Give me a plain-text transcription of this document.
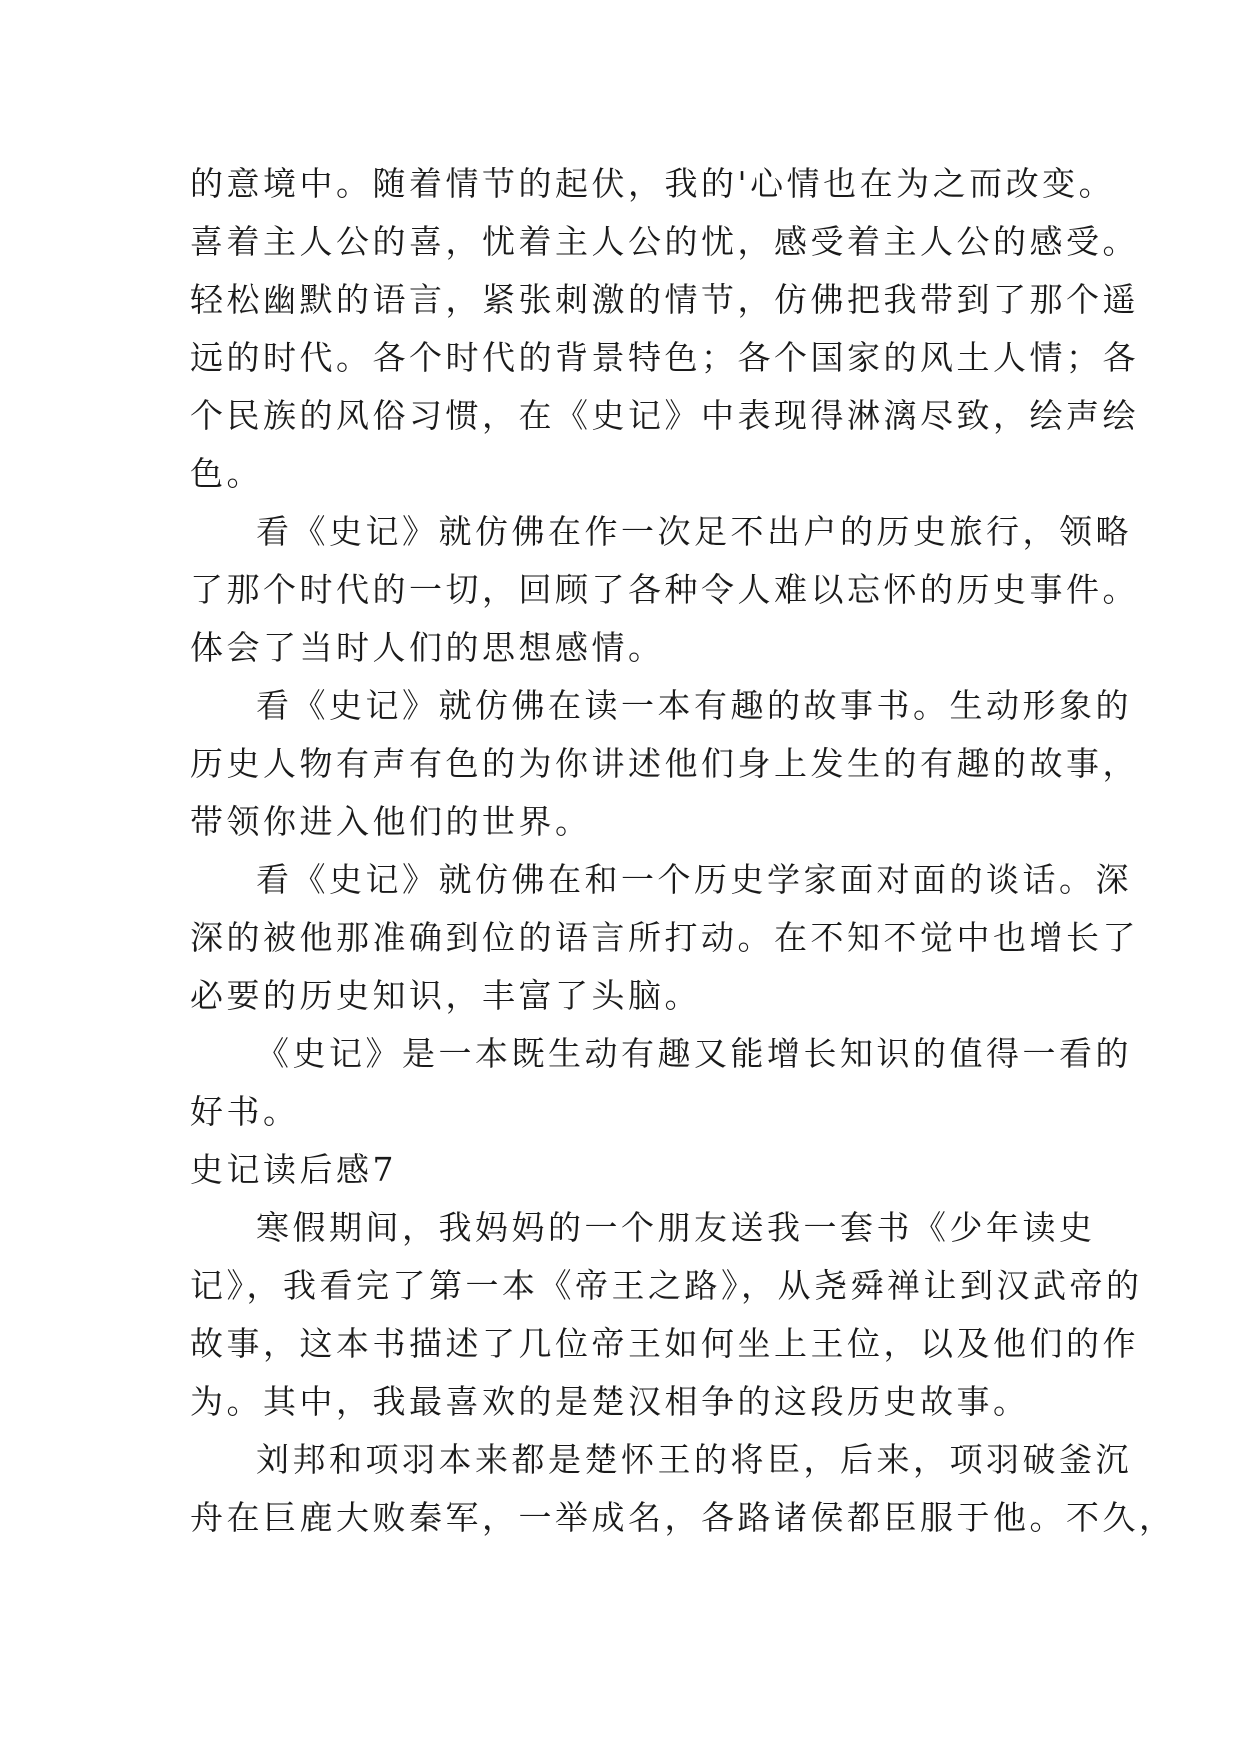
的意境中。随着情节的起伏，我的'心情也在为之而改变。
喜着主人公的喜，忧着主人公的忧，感受着主人公的感受。
轻松幽默的语言，紧张刺激的情节，仿佛把我带到了那个遥
远的时代。各个时代的背景特色；各个国家的风土人情；各
个民族的风俗习惯，在《史记》中表现得淋漓尽致，绘声绘
色。
看《史记》就仿佛在作一次足不出户的历史旅行，领略
了那个时代的一切，回顾了各种令人难以忘怀的历史事件。
体会了当时人们的思想感情。
看《史记》就仿佛在读一本有趣的故事书。生动形象的
历史人物有声有色的为你讲述他们身上发生的有趣的故事，
带领你进入他们的世界。
看《史记》就仿佛在和一个历史学家面对面的谈话。深
深的被他那准确到位的语言所打动。在不知不觉中也增长了
必要的历史知识，丰富了头脑。
《史记》是一本既生动有趣又能增长知识的值得一看的
好书。
史记读后感7
寒假期间，我妈妈的一个朋友送我一套书《少年读史
记》，我看完了第一本《帝王之路》，从尧舜禅让到汉武帝的
故事，这本书描述了几位帝王如何坐上王位，以及他们的作
为。其中，我最喜欢的是楚汉相争的这段历史故事。
刘邦和项羽本来都是楚怀王的将臣，后来，项羽破釜沉
舟在巨鹿大败秦军，一举成名，各路诸侯都臣服于他。不久，
